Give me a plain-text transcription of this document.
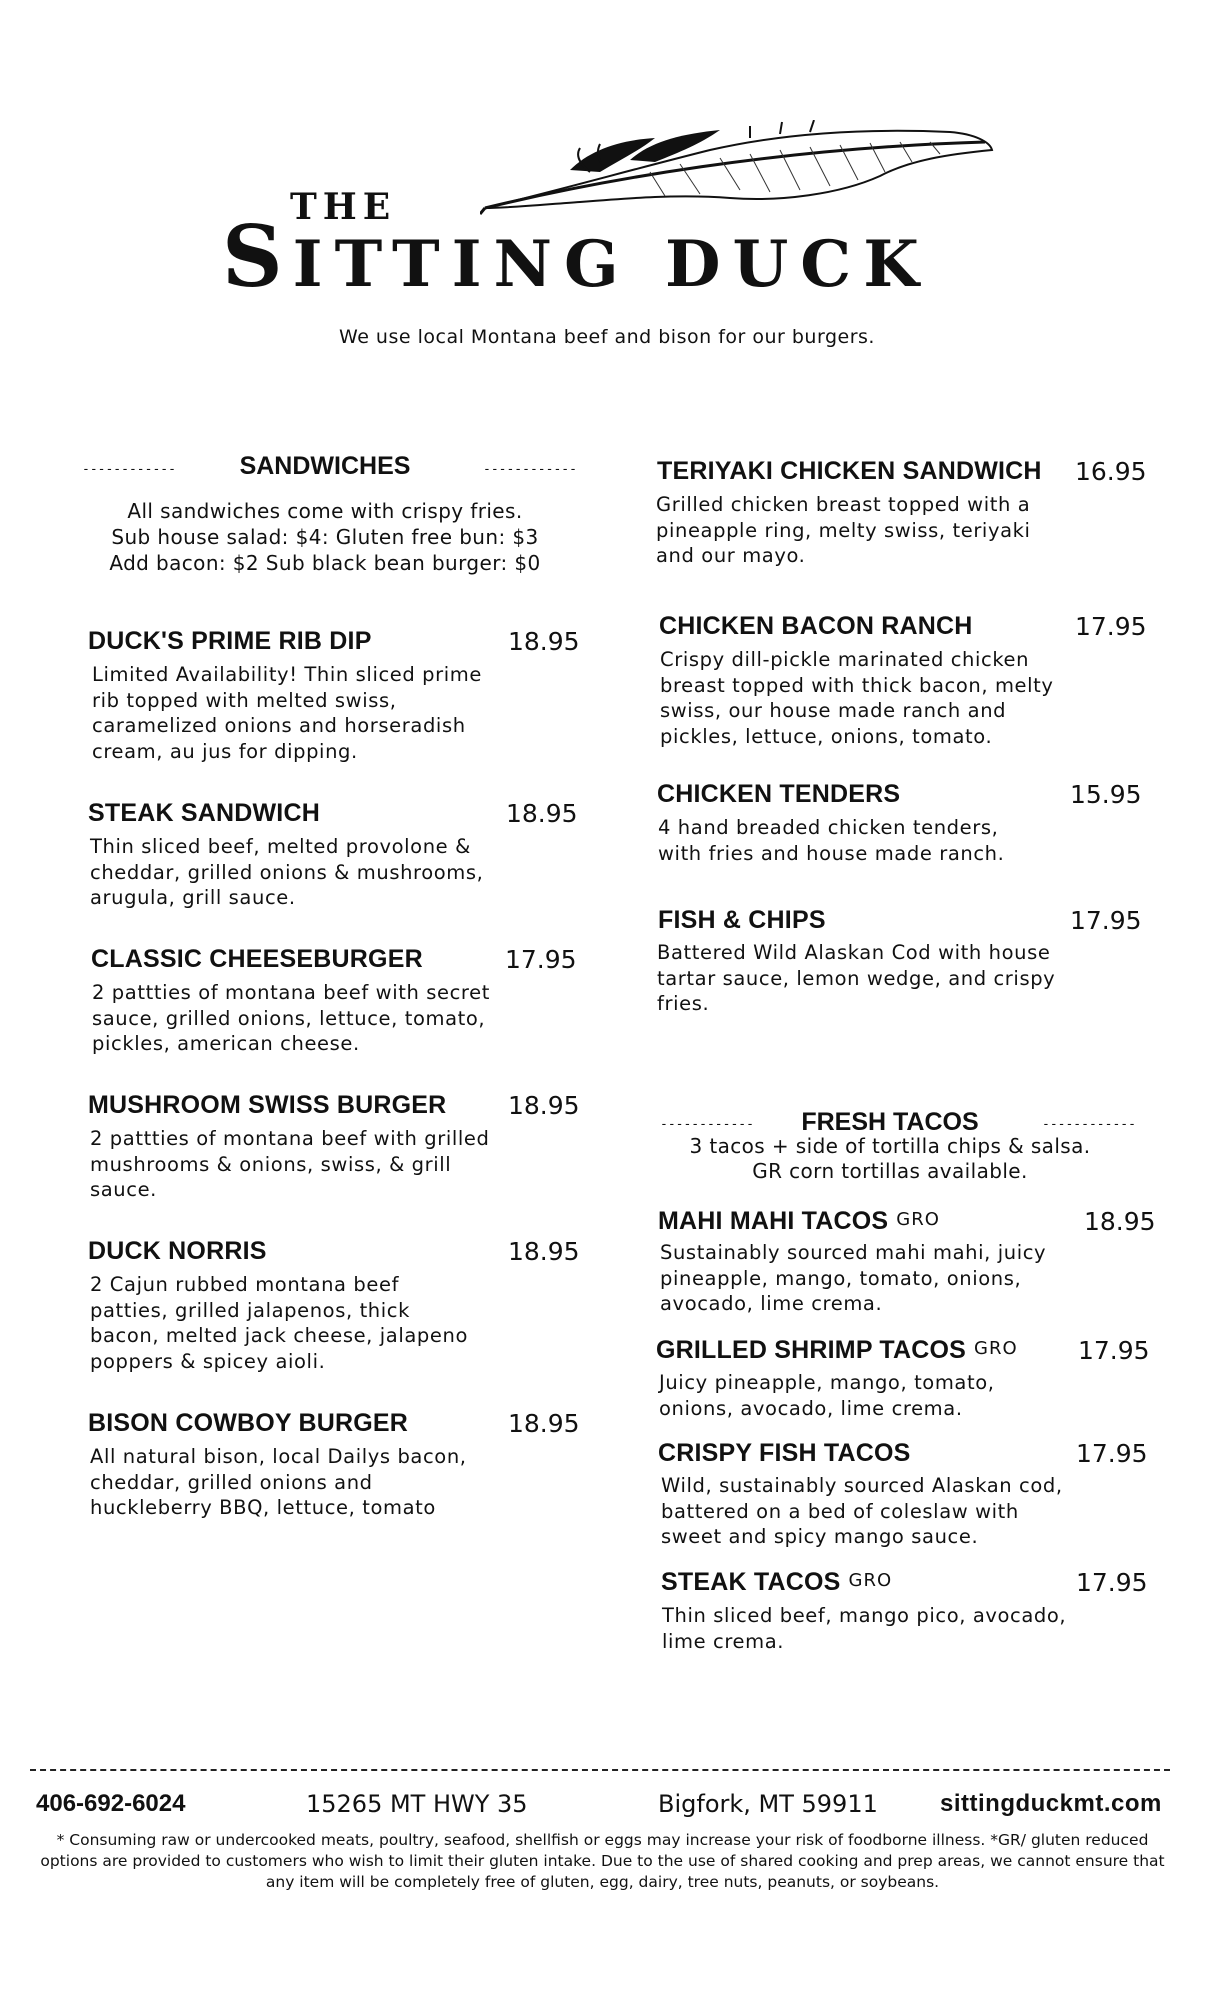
THE
SITTING DUCK
We use local Montana beef and bison for our burgers.
------------	SANDWICHES	------------
All sandwiches come with crispy fries.
Sub house salad: $4: Gluten free bun: $3
Add bacon: $2 Sub black bean burger: $0
DUCK'S PRIME RIB DIP	18.95
Limited Availability! Thin sliced prime rib topped with melted swiss, caramelized onions and horseradish cream, au jus for dipping.
STEAK SANDWICH	18.95
Thin sliced beef, melted provolone & cheddar, grilled onions & mushrooms, arugula, grill sauce.
CLASSIC CHEESEBURGER	17.95
2 pattties of montana beef with secret sauce, grilled onions, lettuce, tomato, pickles, american cheese.
MUSHROOM SWISS BURGER 18.95
2 pattties of montana beef with grilled mushrooms & onions, swiss, & grill sauce.
DUCK NORRIS	18.95
2 Cajun rubbed montana beef patties, grilled jalapenos, thick bacon, melted jack cheese, jalapeno poppers & spicey aioli.
BISON COWBOY BURGER	18.95
All natural bison, local Dailys bacon, cheddar, grilled onions and huckleberry BBQ, lettuce, tomato
TERIYAKI CHICKEN SANDWICH 16.95
Grilled chicken breast topped with a pineapple ring, melty swiss, teriyaki and our mayo.
CHICKEN BACON RANCH	17.95
Crispy dill-pickle marinated chicken breast topped with thick bacon, melty swiss, our house made ranch and pickles, lettuce, onions, tomato.
CHICKEN TENDERS	15.95
4 hand breaded chicken tenders, with fries and house made ranch.
FISH & CHIPS	17.95
Battered Wild Alaskan Cod with house tartar sauce, lemon wedge, and crispy fries.
------------	FRESH TACOS	------------
3 tacos + side of tortilla chips & salsa.
GR corn tortillas available.
MAHI MAHI TACOS GRO	18.95
Sustainably sourced mahi mahi, juicy pineapple, mango, tomato, onions, avocado, lime crema.
GRILLED SHRIMP TACOS GRO 17.95
Juicy pineapple, mango, tomato, onions, avocado, lime crema.
CRISPY FISH TACOS	17.95
Wild, sustainably sourced Alaskan cod, battered on a bed of coleslaw with sweet and spicy mango sauce.
STEAK TACOS GRO	17.95
Thin sliced beef, mango pico, avocado, lime crema.
406-692-6024	15265 MT HWY 35	Bigfork, MT 59911	sittingduckmt.com
* Consuming raw or undercooked meats, poultry, seafood, shellfish or eggs may increase your risk of foodborne illness. *GR/ gluten reduced options are provided to customers who wish to limit their gluten intake. Due to the use of shared cooking and prep areas, we cannot ensure that any item will be completely free of gluten, egg, dairy, tree nuts, peanuts, or soybeans.
